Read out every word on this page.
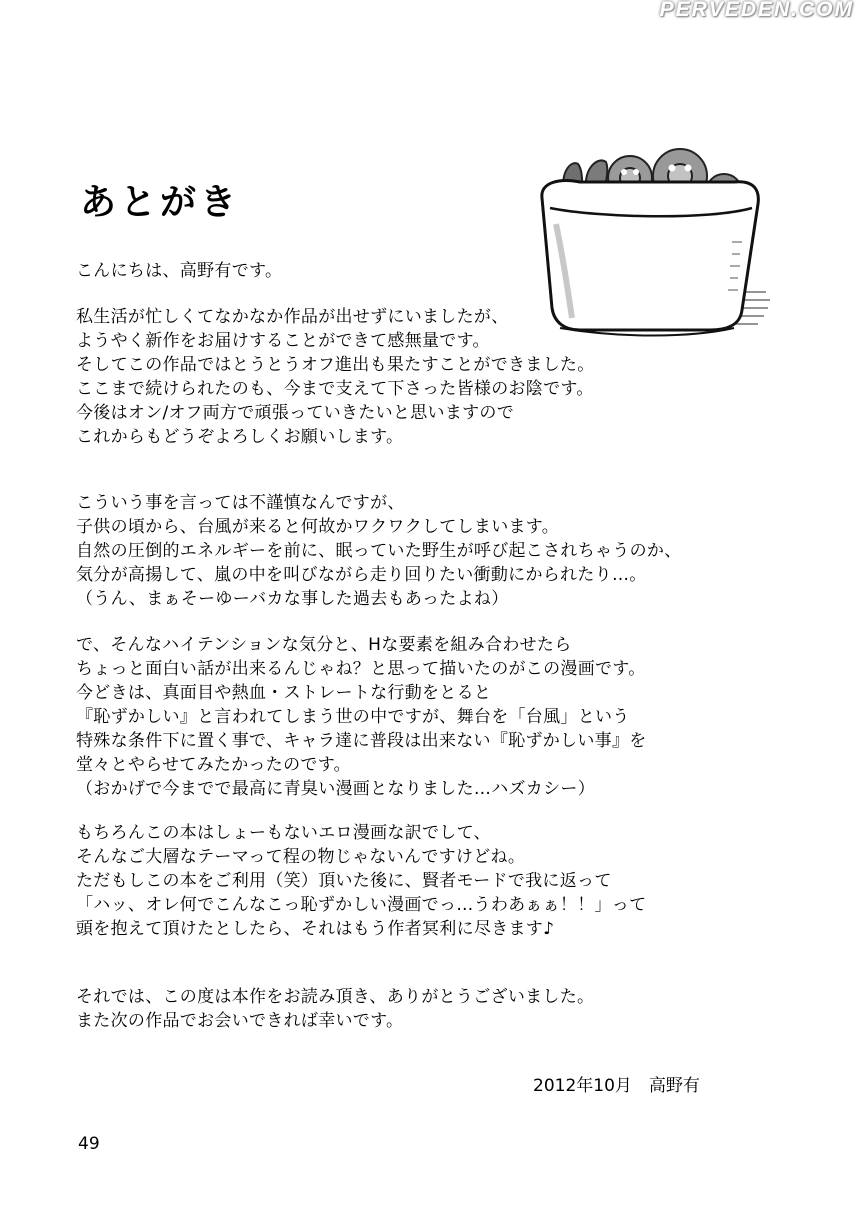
PERVEDEN.COM
あとがき
こんにちは、高野有です。
私生活が忙しくてなかなか作品が出せずにいましたが、
ようやく新作をお届けすることができて感無量です。
そしてこの作品ではとうとうオフ進出も果たすことができました。
ここまで続けられたのも、今まで支えて下さった皆様のお陰です。
今後はオン/オフ両方で頑張っていきたいと思いますので
これからもどうぞよろしくお願いします。
こういう事を言っては不謹慎なんですが、
子供の頃から、台風が来ると何故かワクワクしてしまいます。
自然の圧倒的エネルギーを前に、眠っていた野生が呼び起こされちゃうのか、
気分が高揚して、嵐の中を叫びながら走り回りたい衝動にかられたり…。
（うん、まぁそーゆーバカな事した過去もあったよね）
で、そんなハイテンションな気分と、Hな要素を組み合わせたら
ちょっと面白い話が出来るんじゃね？と思って描いたのがこの漫画です。
今どきは、真面目や熱血・ストレートな行動をとると
『恥ずかしい』と言われてしまう世の中ですが、舞台を「台風」という
特殊な条件下に置く事で、キャラ達に普段は出来ない『恥ずかしい事』を
堂々とやらせてみたかったのです。
（おかげで今までで最高に青臭い漫画となりました…ハズカシー）
もちろんこの本はしょーもないエロ漫画な訳でして、
そんなご大層なテーマって程の物じゃないんですけどね。
ただもしこの本をご利用（笑）頂いた後に、賢者モードで我に返って
「ハッ、オレ何でこんなこっ恥ずかしい漫画でっ…うわあぁぁ！！」って
頭を抱えて頂けたとしたら、それはもう作者冥利に尽きます♪
それでは、この度は本作をお読み頂き、ありがとうございました。
また次の作品でお会いできれば幸いです。
2012年10月　高野有
49
